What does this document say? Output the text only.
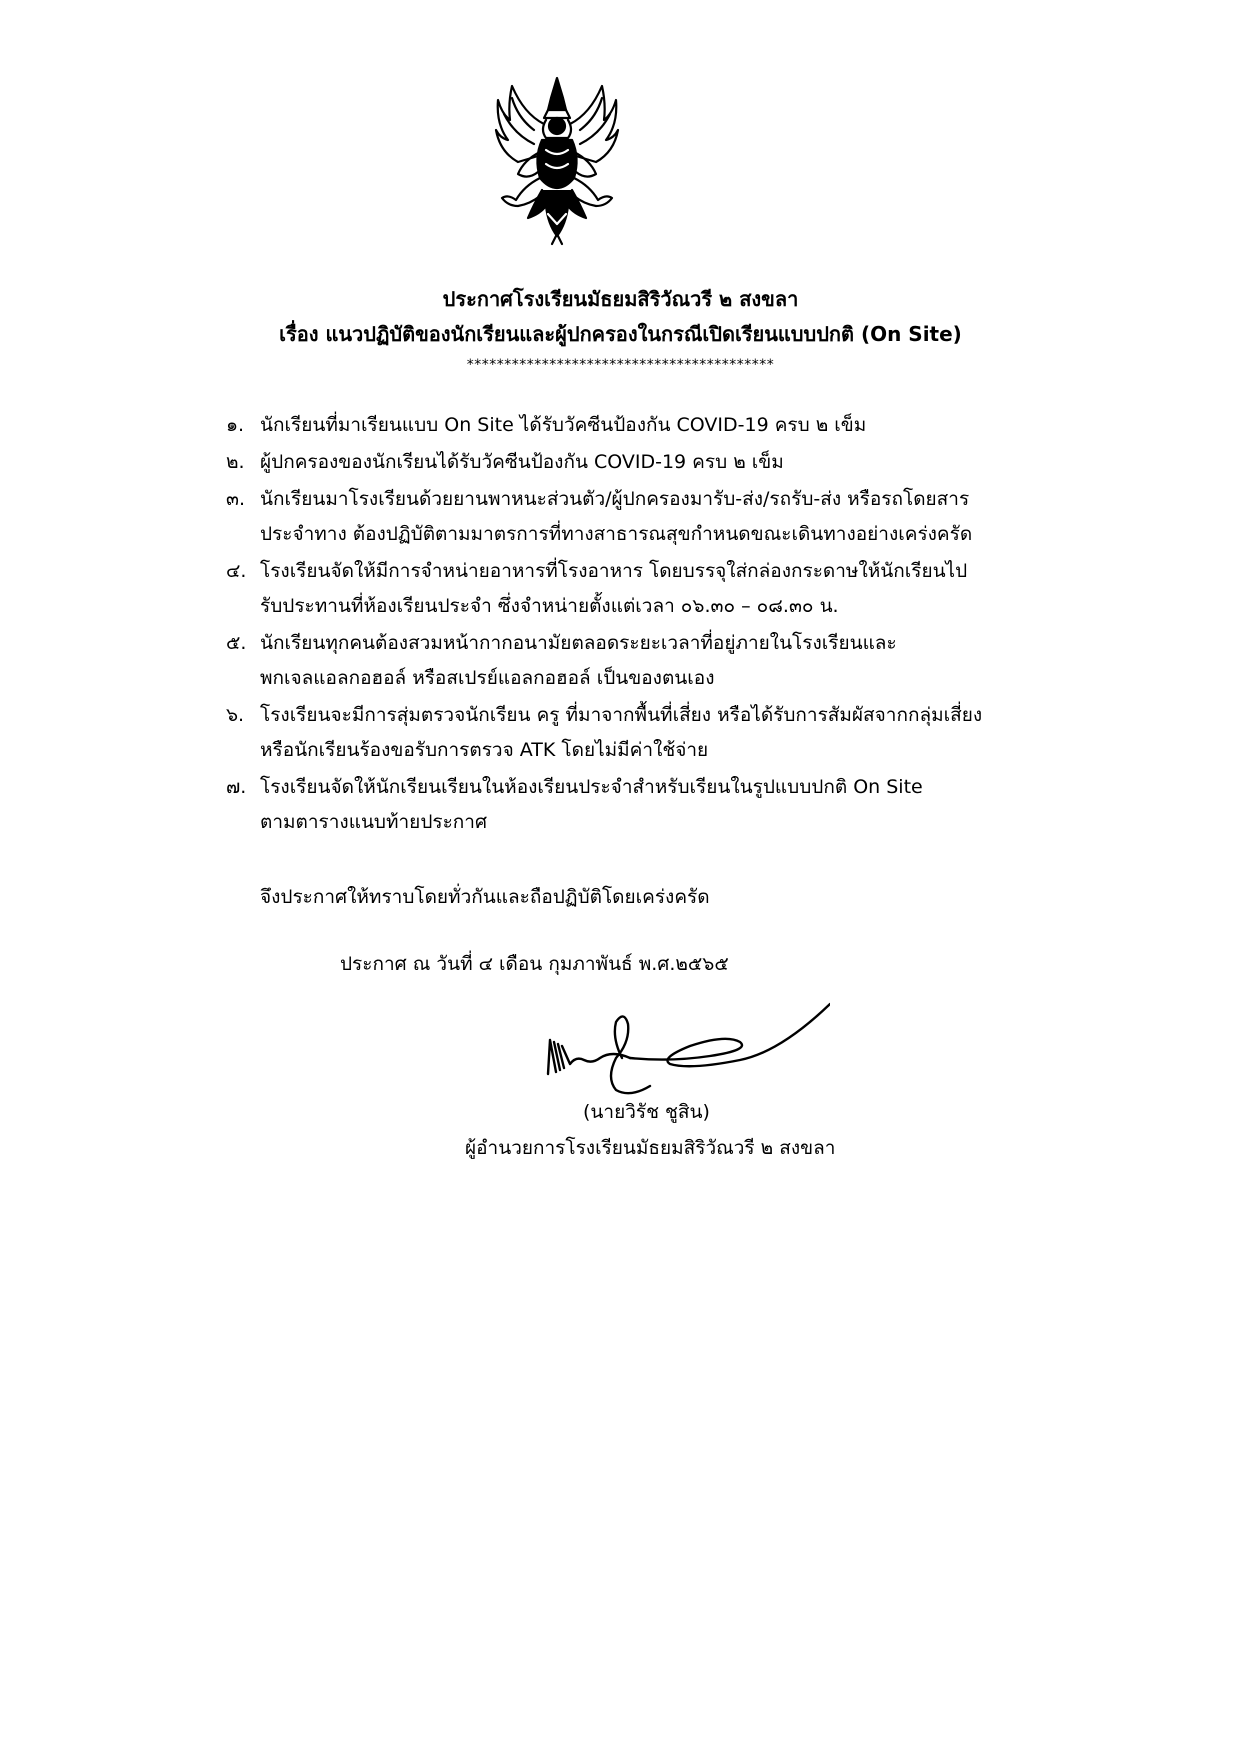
ประกาศโรงเรียนมัธยมสิริวัณวรี ๒ สงขลา
เรื่อง แนวปฏิบัติของนักเรียนและผู้ปกครองในกรณีเปิดเรียนแบบปกติ (On Site)
*****************************************
๑. นักเรียนที่มาเรียนแบบ On Site ได้รับวัคซีนป้องกัน COVID-19 ครบ ๒ เข็ม
๒. ผู้ปกครองของนักเรียนได้รับวัคซีนป้องกัน COVID-19 ครบ ๒ เข็ม
๓. นักเรียนมาโรงเรียนด้วยยานพาหนะส่วนตัว/ผู้ปกครองมารับ-ส่ง/รถรับ-ส่ง หรือรถโดยสาร
ประจำทาง ต้องปฏิบัติตามมาตรการที่ทางสาธารณสุขกำหนดขณะเดินทางอย่างเคร่งครัด
๔. โรงเรียนจัดให้มีการจำหน่ายอาหารที่โรงอาหาร โดยบรรจุใส่กล่องกระดาษให้นักเรียนไป
รับประทานที่ห้องเรียนประจำ ซึ่งจำหน่ายตั้งแต่เวลา ๐๖.๓๐ – ๐๘.๓๐ น.
๕. นักเรียนทุกคนต้องสวมหน้ากากอนามัยตลอดระยะเวลาที่อยู่ภายในโรงเรียนและ
พกเจลแอลกอฮอล์ หรือสเปรย์แอลกอฮอล์ เป็นของตนเอง
๖. โรงเรียนจะมีการสุ่มตรวจนักเรียน ครู ที่มาจากพื้นที่เสี่ยง หรือได้รับการสัมผัสจากกลุ่มเสี่ยง
หรือนักเรียนร้องขอรับการตรวจ ATK โดยไม่มีค่าใช้จ่าย
๗. โรงเรียนจัดให้นักเรียนเรียนในห้องเรียนประจำสำหรับเรียนในรูปแบบปกติ On Site
ตามตารางแนบท้ายประกาศ
จึงประกาศให้ทราบโดยทั่วกันและถือปฏิบัติโดยเคร่งครัด
ประกาศ ณ วันที่ ๔ เดือน กุมภาพันธ์ พ.ศ.๒๕๖๕
(นายวิรัช ชูสิน)
ผู้อำนวยการโรงเรียนมัธยมสิริวัณวรี ๒ สงขลา
